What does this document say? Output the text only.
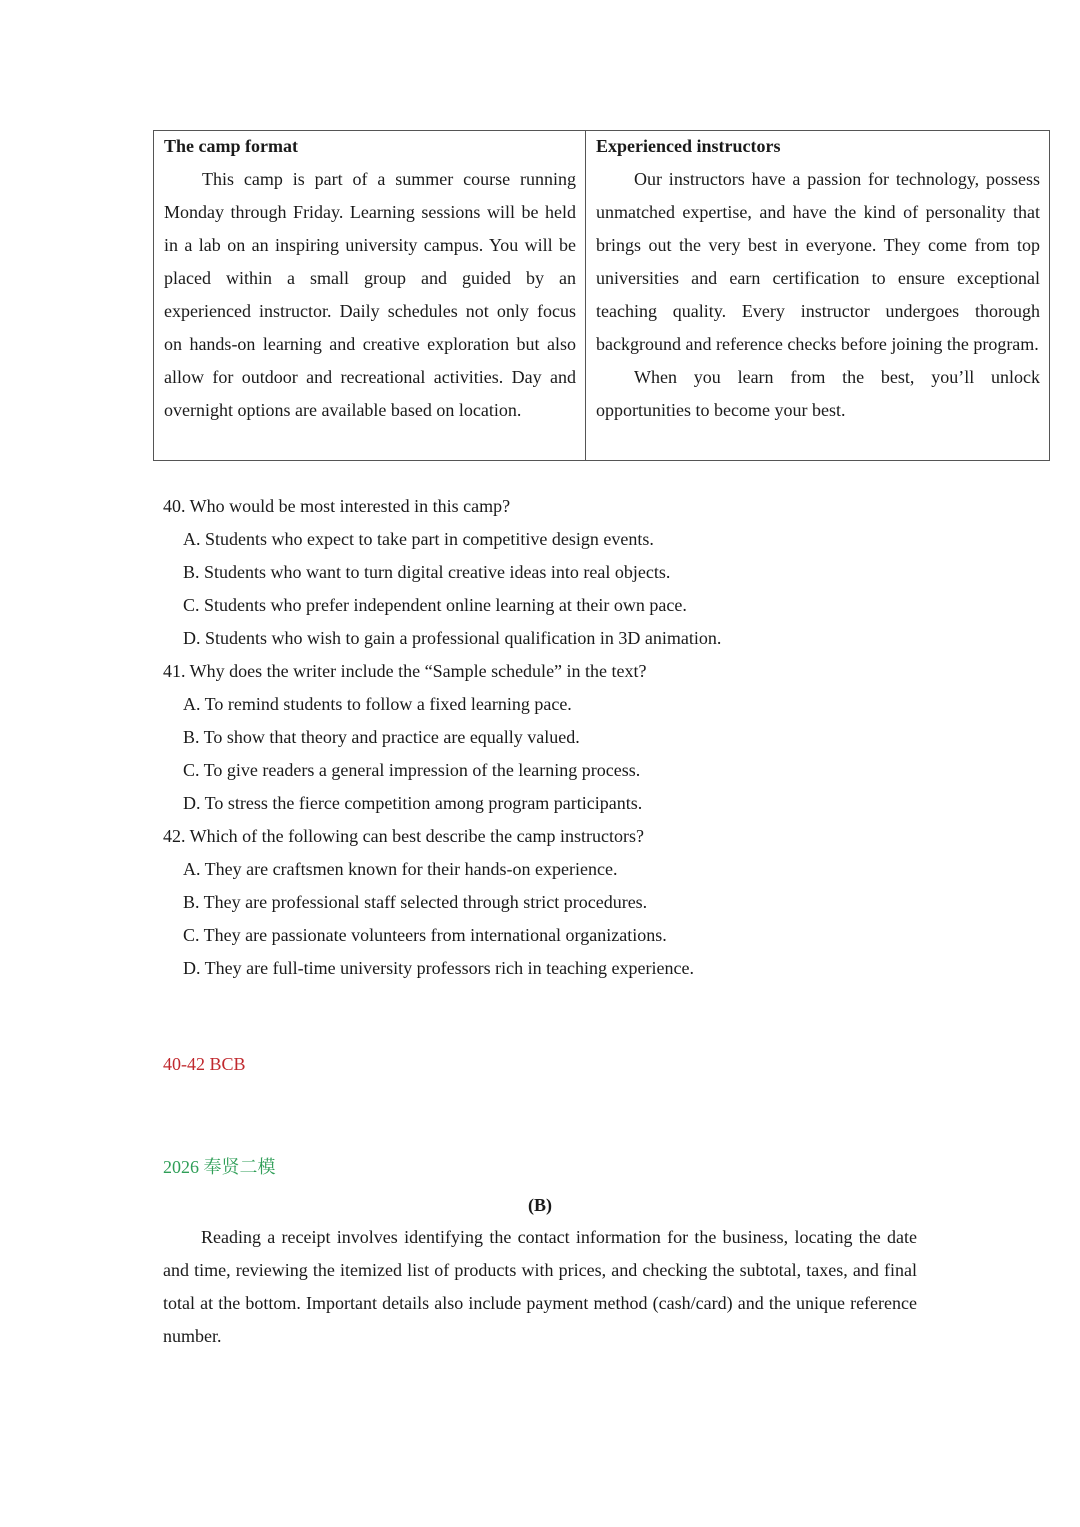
The camp format

This camp is part of a summer course running Monday through Friday. Learning sessions will be held in a lab on an inspiring university campus. You will be placed within a small group and guided by an experienced instructor. Daily schedules not only focus on hands-on learning and creative exploration but also allow for outdoor and recreational activities. Day and overnight options are available based on location.

Experienced instructors

Our instructors have a passion for technology, possess unmatched expertise, and have the kind of personality that brings out the very best in everyone. They come from top universities and earn certification to ensure exceptional teaching quality. Every instructor undergoes thorough background and reference checks before joining the program.

When you learn from the best, you’ll unlock opportunities to become your best.

40. Who would be most interested in this camp?

A. Students who expect to take part in competitive design events.

B. Students who want to turn digital creative ideas into real objects.

C. Students who prefer independent online learning at their own pace.

D. Students who wish to gain a professional qualification in 3D animation.

41. Why does the writer include the “Sample schedule” in the text?

A. To remind students to follow a fixed learning pace.

B. To show that theory and practice are equally valued.

C. To give readers a general impression of the learning process.

D. To stress the fierce competition among program participants.

42. Which of the following can best describe the camp instructors?

A. They are craftsmen known for their hands-on experience.

B. They are professional staff selected through strict procedures.

C. They are passionate volunteers from international organizations.

D. They are full-time university professors rich in teaching experience.

40-42 BCB
2026 奉贤二模
(B)

Reading a receipt involves identifying the contact information for the business, locating the date and time, reviewing the itemized list of products with prices, and checking the subtotal, taxes, and final total at the bottom. Important details also include payment method (cash/card) and the unique reference number.
